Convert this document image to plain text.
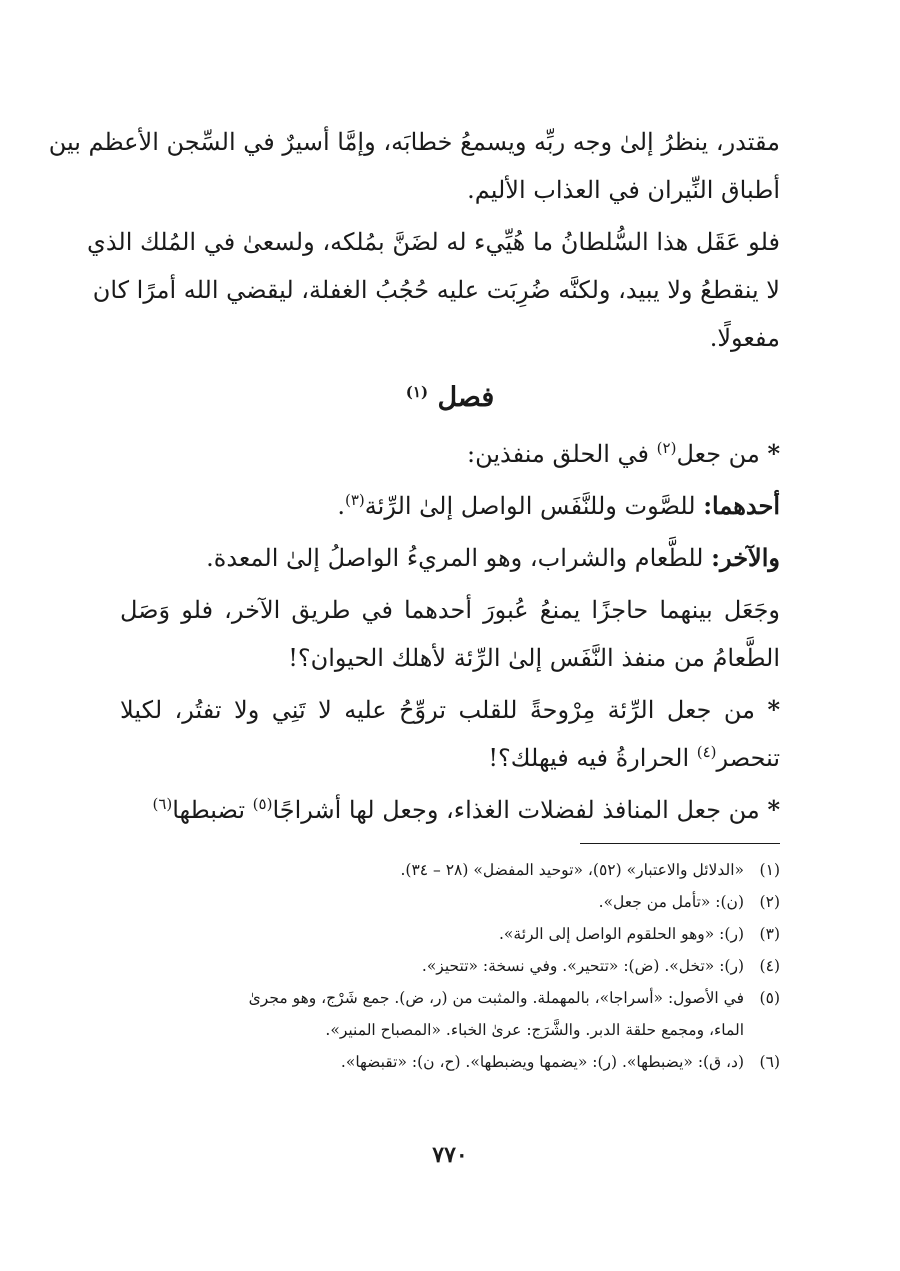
مقتدر، ينظرُ إلىٰ وجه ربِّه ويسمعُ خطابَه، وإمَّا أسيرٌ في السِّجن الأعظم بين
أطباق النِّيران في العذاب الأليم.
فلو عَقَل هذا السُّلطانُ ما هُيِّيء له لضَنَّ بمُلكه، ولسعىٰ في المُلك الذي
لا ينقطعُ ولا يبيد، ولكنَّه ضُرِبَت عليه حُجُبُ الغفلة، ليقضي الله أمرًا كان
مفعولًا.
فصل $^{(١)}$
* من جعل$^{(٢)}$ في الحلق منفذين:
أحدهما: للصَّوت وللنَّفَس الواصل إلىٰ الرِّئة$^{(٣)}$.
والآخر: للطَّعام والشراب، وهو المريءُ الواصلُ إلىٰ المعدة.
وجَعَل بينهما حاجزًا يمنعُ عُبورَ أحدهما في طريق الآخر، فلو وَصَل
الطَّعامُ من منفذ النَّفَس إلىٰ الرِّئة لأهلك الحيوان؟!
* من جعل الرِّئة مِرْوحةً للقلب تروِّحُ عليه لا تَنِي ولا تفتُر، لكيلا
تنحصر$^{(٤)}$ الحرارةُ فيه فيهلك؟!
* من جعل المنافذ لفضلات الغذاء، وجعل لها أشراجًا$^{(٥)}$ تضبطها$^{(٦)}$
(١)«الدلائل والاعتبار» (٥٢)، «توحيد المفضل» (٢٨ – ٣٤).
(٢)(ن): «تأمل من جعل».
(٣)(ر): «وهو الحلقوم الواصل إلى الرئة».
(٤)(ر): «تخل». (ض): «تتحير». وفي نسخة: «تتحيز».
(٥)في الأصول: «أسراجا»، بالمهملة. والمثبت من (ر، ض). جمع شَرْج، وهو مجرىٰ
الماء، ومجمع حلقة الدبر. والشَّرَج: عرىٰ الخباء. «المصباح المنير».
(٦)(د، ق): «يضبطها». (ر): «يضمها ويضبطها». (ح، ن): «تقبضها».
٧٧٠
